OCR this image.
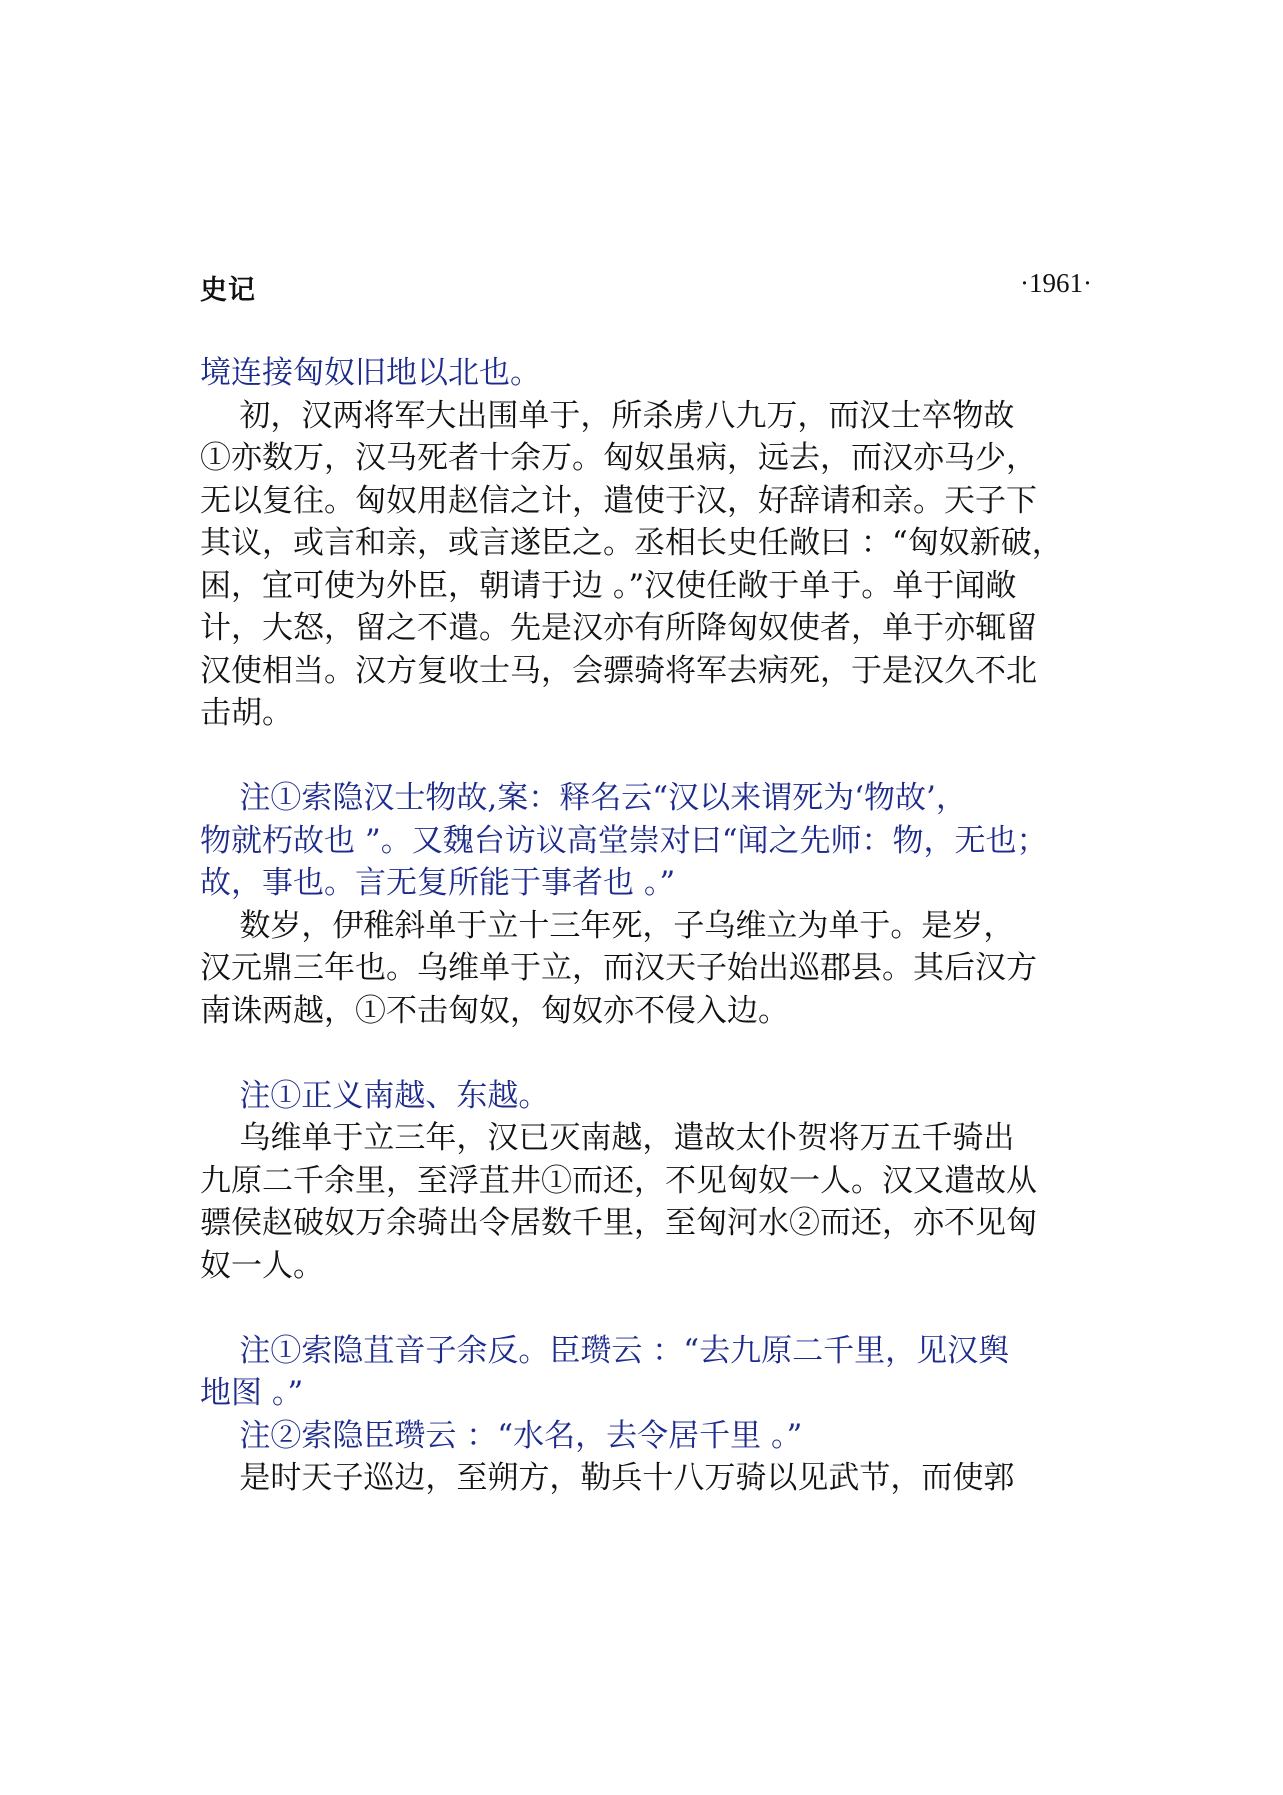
史记	·1961·

境连接匈奴旧地以北也。

初，汉两将军大出围单于，所杀虏八九万，而汉士卒物故

①亦数万，汉马死者十余万。匈奴虽病，远去，而汉亦马少，

无以复往。匈奴用赵信之计，遣使于汉，好辞请和亲。天子下

其议，或言和亲，或言遂臣之。丞相长史任敞曰 ：“匈奴新破，

困，宜可使为外臣，朝请于边 。”汉使任敞于单于。单于闻敞

计，大怒，留之不遣。先是汉亦有所降匈奴使者，单于亦辄留

汉使相当。汉方复收士马，会骠骑将军去病死，于是汉久不北

击胡。

注①索隐汉士物故,案：释名云“汉以来谓死为‘物故’，

物就朽故也 ”。又魏台访议高堂崇对曰“闻之先师：物，无也；

故，事也。言无复所能于事者也 。”

数岁，伊稚斜单于立十三年死，子乌维立为单于。是岁，

汉元鼎三年也。乌维单于立，而汉天子始出巡郡县。其后汉方

南诛两越，①不击匈奴，匈奴亦不侵入边。

注①正义南越、东越。

乌维单于立三年，汉已灭南越，遣故太仆贺将万五千骑出

九原二千余里，至浮苴井①而还，不见匈奴一人。汉又遣故从

骠侯赵破奴万余骑出令居数千里，至匈河水②而还，亦不见匈

奴一人。

注①索隐苴音子余反。臣瓒云 ：“去九原二千里，见汉舆

地图 。”

注②索隐臣瓒云 ：“水名，去令居千里 。”

是时天子巡边，至朔方，勒兵十八万骑以见武节，而使郭
